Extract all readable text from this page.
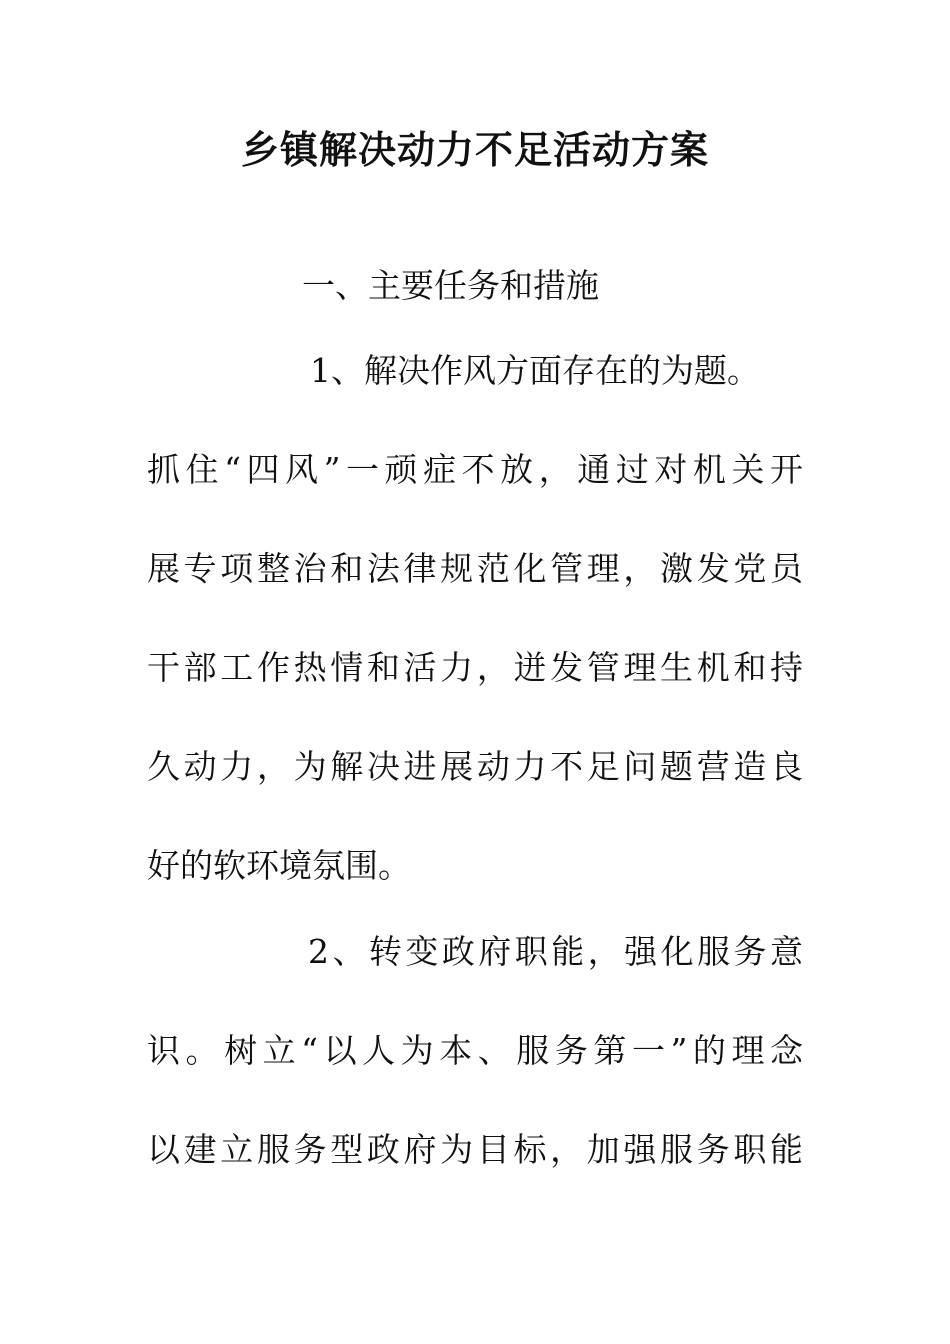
乡镇解决动力不足活动方案
一、主要任务和措施
1、解决作风方面存在的为题。
抓住“四风”一顽症不放，通过对机关开
展专项整治和法律规范化管理，激发党员
干部工作热情和活力，迸发管理生机和持
久动力，为解决进展动力不足问题营造良
好的软环境氛围。
2、转变政府职能，强化服务意
识。树立“以人为本、服务第一”的理念
以建立服务型政府为目标，加强服务职能
